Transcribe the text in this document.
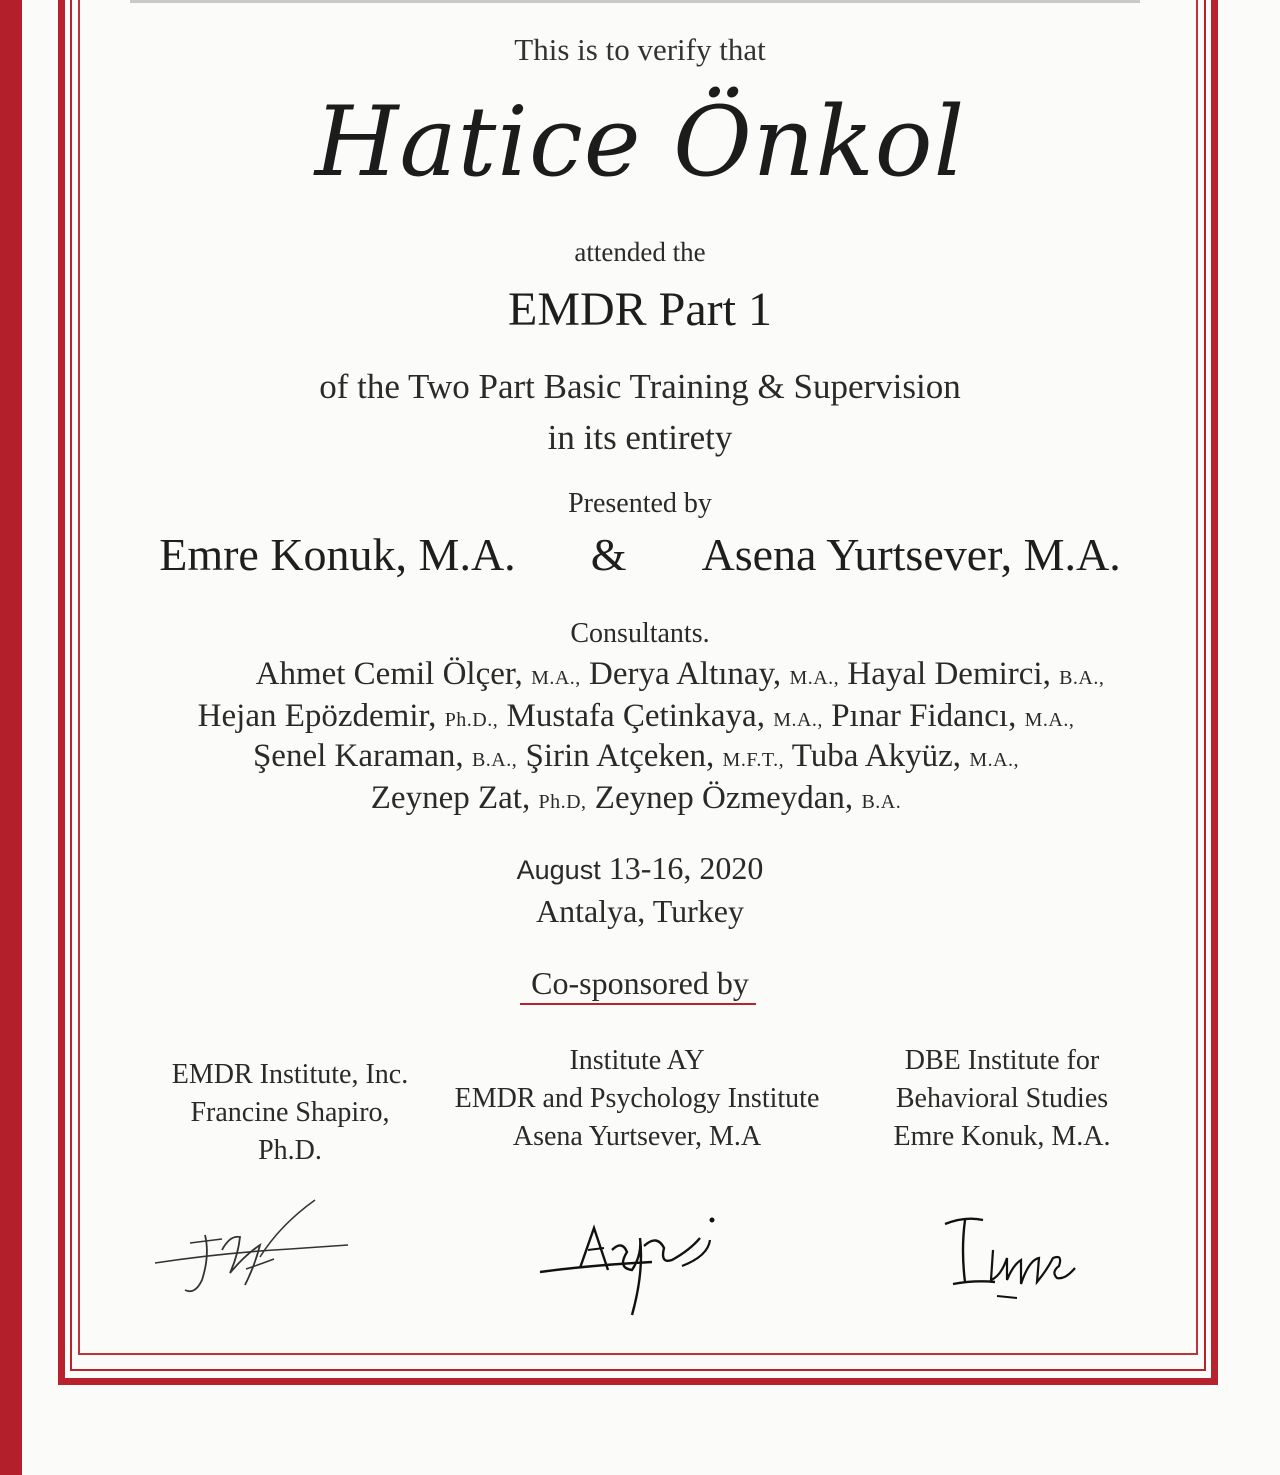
This is to verify that
Hatice Önkol
attended the
EMDR Part 1
of the Two Part Basic Training & Supervision
in its entirety
Presented by
Emre Konuk, M.A. & Asena Yurtsever, M.A.
Consultants.
Ahmet Cemil Ölçer, M.A., Derya Altınay, M.A., Hayal Demirci, B.A.,
Hejan Epözdemir, Ph.D., Mustafa Çetinkaya, M.A., Pınar Fidancı, M.A.,
Şenel Karaman, B.A., Şirin Atçeken, M.F.T., Tuba Akyüz, M.A.,
Zeynep Zat, Ph.D, Zeynep Özmeydan, B.A.
August 13-16, 2020
Antalya, Turkey
Co-sponsored by
EMDR Institute, Inc.
Francine Shapiro,
Ph.D.
Institute AY
EMDR and Psychology Institute
Asena Yurtsever, M.A
DBE Institute for
Behavioral Studies
Emre Konuk, M.A.
